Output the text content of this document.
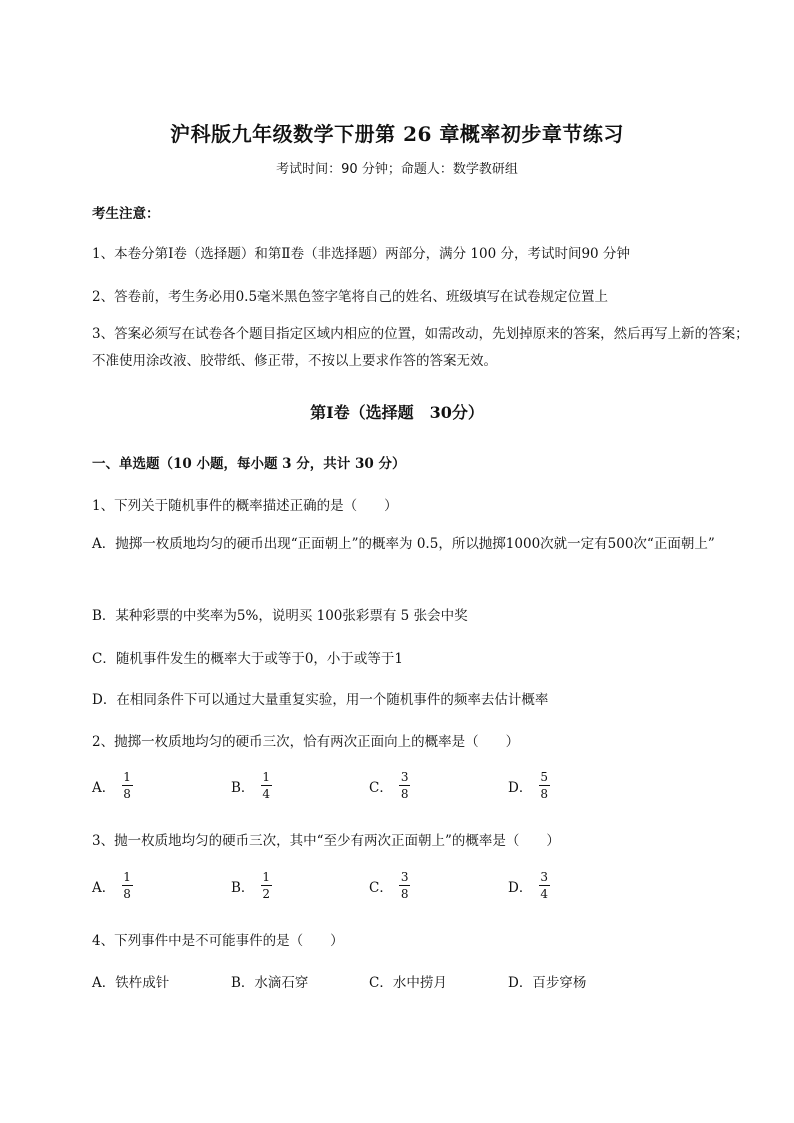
沪科版九年级数学下册第 26 章概率初步章节练习
考试时间：90 分钟；命题人：数学教研组
考生注意：
1、本卷分第Ⅰ卷（选择题）和第Ⅱ卷（非选择题）两部分，满分 100 分，考试时间90 分钟
2、答卷前，考生务必用0.5毫米黑色签字笔将自己的姓名、班级填写在试卷规定位置上
3、答案必须写在试卷各个题目指定区域内相应的位置，如需改动，先划掉原来的答案，然后再写上新的答案；不准使用涂改液、胶带纸、修正带，不按以上要求作答的答案无效。
第Ⅰ卷（选择题　30分）
一、单选题（10 小题，每小题 3 分，共计 30 分）
1、下列关于随机事件的概率描述正确的是（　　）
A．抛掷一枚质地均匀的硬币出现“正面朝上”的概率为 0.5，所以抛掷1000次就一定有500次“正面朝上”
B．某种彩票的中奖率为5%，说明买 100张彩票有 5 张会中奖
C．随机事件发生的概率大于或等于0，小于或等于1
D．在相同条件下可以通过大量重复实验，用一个随机事件的频率去估计概率
2、抛掷一枚质地均匀的硬币三次，恰有两次正面向上的概率是（　　）
A． $\frac{1}{8}$	B． $\frac{1}{4}$	C． $\frac{3}{8}$	D． $\frac{5}{8}$
3、抛一枚质地均匀的硬币三次，其中“至少有两次正面朝上”的概率是（　　）
A． $\frac{1}{8}$	B． $\frac{1}{2}$	C． $\frac{3}{8}$	D． $\frac{3}{4}$
4、下列事件中是不可能事件的是（　　）
A．铁杵成针	B．水滴石穿	C．水中捞月	D．百步穿杨
